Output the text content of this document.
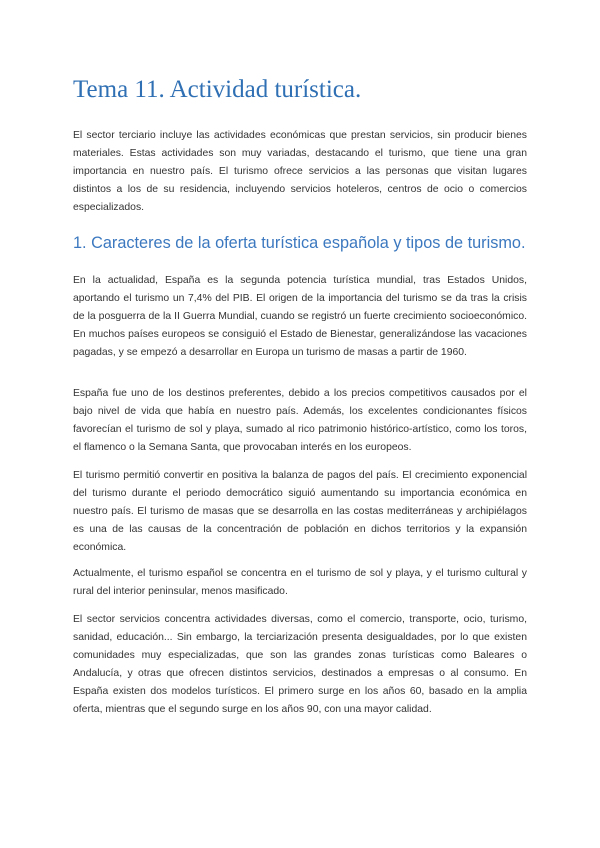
Tema 11. Actividad turística.

El sector terciario incluye las actividades económicas que prestan servicios, sin producir bienes materiales. Estas actividades son muy variadas, destacando el turismo, que tiene una gran importancia en nuestro país. El turismo ofrece servicios a las personas que visitan lugares distintos a los de su residencia, incluyendo servicios hoteleros, centros de ocio o comercios especializados.

1. Caracteres de la oferta turística española y tipos de turismo.

En la actualidad, España es la segunda potencia turística mundial, tras Estados Unidos, aportando el turismo un 7,4% del PIB. El origen de la importancia del turismo se da tras la crisis de la posguerra de la II Guerra Mundial, cuando se registró un fuerte crecimiento socioeconómico. En muchos países europeos se consiguió el Estado de Bienestar, generalizándose las vacaciones pagadas, y se empezó a desarrollar en Europa un turismo de masas a partir de 1960.

España fue uno de los destinos preferentes, debido a los precios competitivos causados por el bajo nivel de vida que había en nuestro país. Además, los excelentes condicionantes físicos favorecían el turismo de sol y playa, sumado al rico patrimonio histórico-artístico, como los toros, el flamenco o la Semana Santa, que provocaban interés en los europeos.

El turismo permitió convertir en positiva la balanza de pagos del país. El crecimiento exponencial del turismo durante el periodo democrático siguió aumentando su importancia económica en nuestro país. El turismo de masas que se desarrolla en las costas mediterráneas y archipiélagos es una de las causas de la concentración de población en dichos territorios y la expansión económica.

Actualmente, el turismo español se concentra en el turismo de sol y playa, y el turismo cultural y rural del interior peninsular, menos masificado.

El sector servicios concentra actividades diversas, como el comercio, transporte, ocio, turismo, sanidad, educación... Sin embargo, la terciarización presenta desigualdades, por lo que existen comunidades muy especializadas, que son las grandes zonas turísticas como Baleares o Andalucía, y otras que ofrecen distintos servicios, destinados a empresas o al consumo. En España existen dos modelos turísticos. El primero surge en los años 60, basado en la amplia oferta, mientras que el segundo surge en los años 90, con una mayor calidad.
